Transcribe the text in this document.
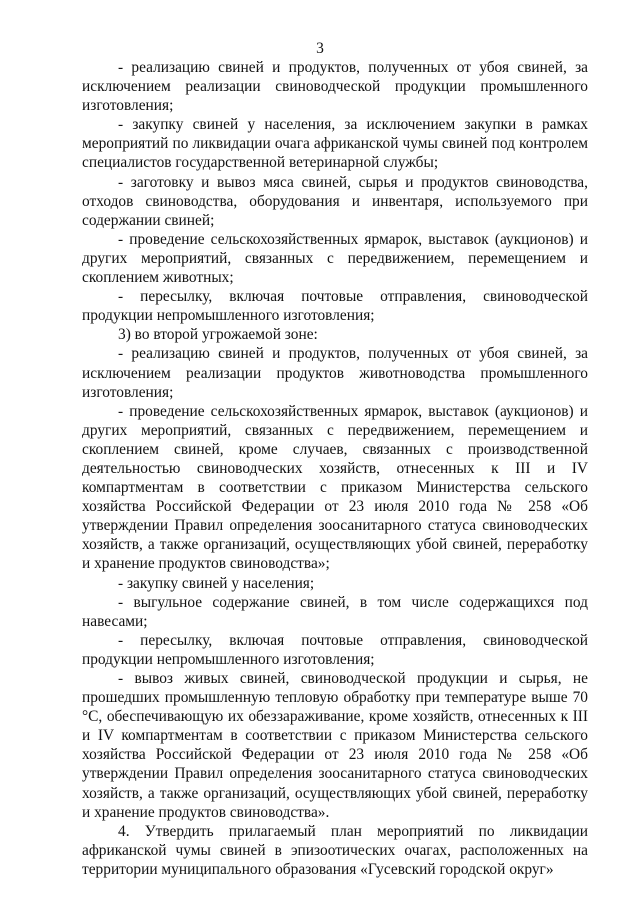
3

- реализацию свиней и продуктов, полученных от убоя свиней, за исключением реализации свиноводческой продукции промышленного изготовления;

- закупку свиней у населения, за исключением закупки в рамках мероприятий по ликвидации очага африканской чумы свиней под контролем специалистов государственной ветеринарной службы;

- заготовку и вывоз мяса свиней, сырья и продуктов свиноводства, отходов свиноводства, оборудования и инвентаря, используемого при содержании свиней;

- проведение сельскохозяйственных ярмарок, выставок (аукционов) и других мероприятий, связанных с передвижением, перемещением и скоплением животных;

- пересылку, включая почтовые отправления, свиноводческой продукции непромышленного изготовления;

3) во второй угрожаемой зоне:

- реализацию свиней и продуктов, полученных от убоя свиней, за исключением реализации продуктов животноводства промышленного изготовления;

- проведение сельскохозяйственных ярмарок, выставок (аукционов) и других мероприятий, связанных с передвижением, перемещением и скоплением свиней, кроме случаев, связанных с производственной деятельностью свиноводческих хозяйств, отнесенных к III и IV компартментам в соответствии с приказом Министерства сельского хозяйства Российской Федерации от 23 июля 2010 года № 258 «Об утверждении Правил определения зоосанитарного статуса свиноводческих хозяйств, а также организаций, осуществляющих убой свиней, переработку и хранение продуктов свиноводства»;

- закупку свиней у населения;

- выгульное содержание свиней, в том числе содержащихся под навесами;

- пересылку, включая почтовые отправления, свиноводческой продукции непромышленного изготовления;

- вывоз живых свиней, свиноводческой продукции и сырья, не прошедших промышленную тепловую обработку при температуре выше 70 °С, обеспечивающую их обеззараживание, кроме хозяйств, отнесенных к III и IV компартментам в соответствии с приказом Министерства сельского хозяйства Российской Федерации от 23 июля 2010 года № 258 «Об утверждении Правил определения зоосанитарного статуса свиноводческих хозяйств, а также организаций, осуществляющих убой свиней, переработку и хранение продуктов свиноводства».

4. Утвердить прилагаемый план мероприятий по ликвидации африканской чумы свиней в эпизоотических очагах, расположенных на территории муниципального образования «Гусевский городской округ»
